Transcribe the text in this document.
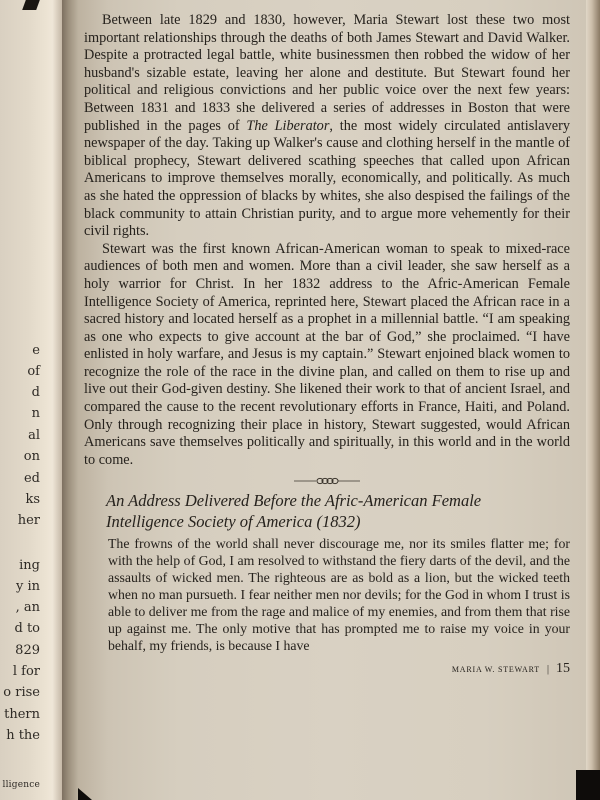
e
of
d
n
al
on
ed
ks
her
ing
y in
, an
d to
829
l for
o rise
thern
h the
lligence

Between late 1829 and 1830, however, Maria Stewart lost these two most important relationships through the deaths of both James Stewart and David Walker. Despite a protracted legal battle, white businessmen then robbed the widow of her husband's sizable estate, leaving her alone and destitute. But Stewart found her political and religious convictions and her public voice over the next few years: Between 1831 and 1833 she delivered a series of addresses in Boston that were published in the pages of The Liberator, the most widely circulated antislavery newspaper of the day. Taking up Walker's cause and clothing herself in the mantle of biblical prophecy, Stewart delivered scathing speeches that called upon African Americans to improve themselves morally, economically, and politically. As much as she hated the oppression of blacks by whites, she also despised the failings of the black community to attain Christian purity, and to argue more vehemently for their civil rights.

Stewart was the first known African-American woman to speak to mixed-race audiences of both men and women. More than a civil leader, she saw herself as a holy warrior for Christ. In her 1832 address to the Afric-American Female Intelligence Society of America, reprinted here, Stewart placed the African race in a sacred history and located herself as a prophet in a millennial battle. “I am speaking as one who expects to give account at the bar of God,” she proclaimed. “I have enlisted in holy warfare, and Jesus is my captain.” Stewart enjoined black women to recognize the role of the race in the divine plan, and called on them to rise up and live out their God-given destiny. She likened their work to that of ancient Israel, and compared the cause to the recent revolutionary efforts in France, Haiti, and Poland. Only through recognizing their place in history, Stewart suggested, would African Americans save themselves politically and spiritually, in this world and in the world to come.

An Address Delivered Before the Afric-American Female
Intelligence Society of America (1832)
The frowns of the world shall never discourage me, nor its smiles flatter me; for with the help of God, I am resolved to withstand the fiery darts of the devil, and the assaults of wicked men. The righteous are as bold as a lion, but the wicked teeth when no man pursueth. I fear neither men nor devils; for the God in whom I trust is able to deliver me from the rage and malice of my enemies, and from them that rise up against me. The only motive that has prompted me to raise my voice in your behalf, my friends, is because I have
MARIA W. STEWART | 15
